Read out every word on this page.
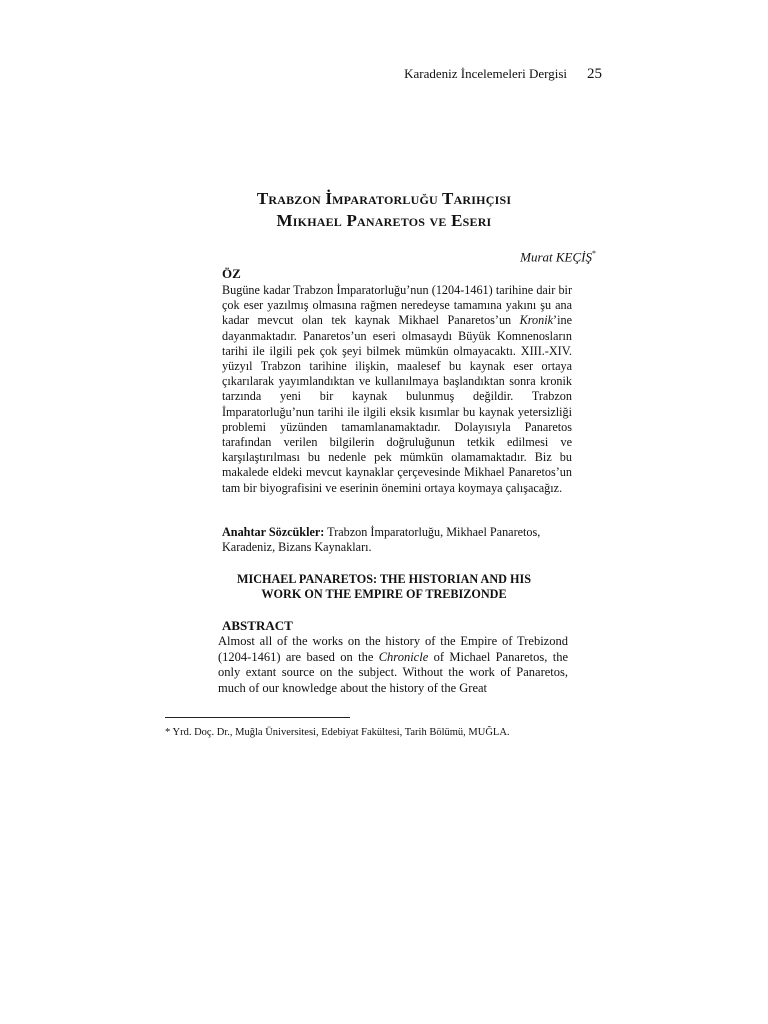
Karadeniz İncelemeleri Dergisi 25
Trabzon İmparatorluğu Tarihçisi
Mikhael Panaretos ve Eseri
Murat KEÇİŞ*
ÖZ
Bugüne kadar Trabzon İmparatorluğu’nun (1204-1461) tarihine dair bir çok eser yazılmış olmasına rağmen neredeyse tamamına yakını şu ana kadar mevcut olan tek kaynak Mikhael Panaretos’un Kronik’ine dayanmaktadır. Panaretos’un eseri olmasaydı Büyük Komnenosların tarihi ile ilgili pek çok şeyi bilmek mümkün olmayacaktı. XIII.-XIV. yüzyıl Trabzon tarihine ilişkin, maalesef bu kaynak eser ortaya çıkarılarak yayımlandıktan ve kullanılmaya başlandıktan sonra kronik tarzında yeni bir kaynak bulunmuş değildir. Trabzon İmparatorluğu’nun tarihi ile ilgili eksik kısımlar bu kaynak yetersizliği problemi yüzünden tamamlanamaktadır. Dolayısıyla Panaretos tarafından verilen bilgilerin doğruluğunun tetkik edilmesi ve karşılaştırılması bu nedenle pek mümkün olamamaktadır. Biz bu makalede eldeki mevcut kaynaklar çerçevesinde Mikhael Panaretos’un tam bir biyografisini ve eserinin önemini ortaya koymaya çalışacağız.
Anahtar Sözcükler: Trabzon İmparatorluğu, Mikhael Panaretos, Karadeniz, Bizans Kaynakları.
MICHAEL PANARETOS: THE HISTORIAN AND HIS
WORK ON THE EMPIRE OF TREBIZONDE
ABSTRACT
Almost all of the works on the history of the Empire of Trebizond (1204-1461) are based on the Chronicle of Michael Panaretos, the only extant source on the subject. Without the work of Panaretos, much of our knowledge about the history of the Great
* Yrd. Doç. Dr., Muğla Üniversitesi, Edebiyat Fakültesi, Tarih Bölümü, MUĞLA.
